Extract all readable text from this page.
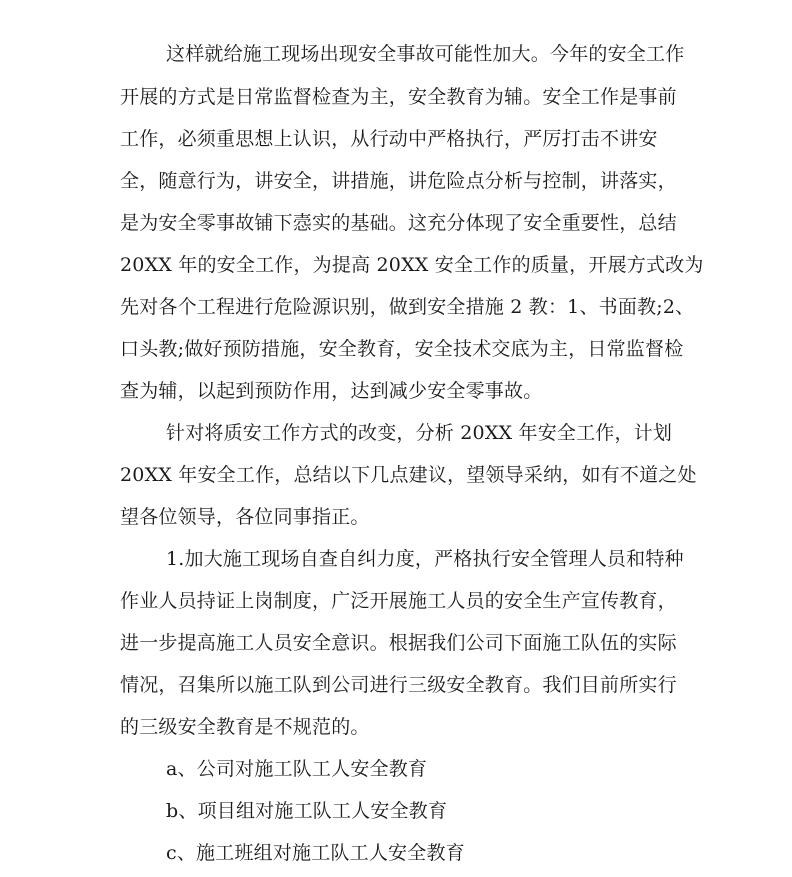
这样就给施工现场出现安全事故可能性加大。今年的安全工作
开展的方式是日常监督检查为主，安全教育为辅。安全工作是事前
工作，必须重思想上认识，从行动中严格执行，严厉打击不讲安
全，随意行为，讲安全，讲措施，讲危险点分析与控制，讲落实，
是为安全零事故铺下悫实的基础。这充分体现了安全重要性，总结
20XX 年的安全工作，为提高 20XX 安全工作的质量，开展方式改为
先对各个工程进行危险源识别，做到安全措施 2 教：1、书面教;2、
口头教;做好预防措施，安全教育，安全技术交底为主，日常监督检
查为辅，以起到预防作用，达到减少安全零事故。
针对将质安工作方式的改变，分析 20XX 年安全工作，计划
20XX 年安全工作，总结以下几点建议，望领导采纳，如有不道之处
望各位领导，各位同事指正。
1.加大施工现场自查自纠力度，严格执行安全管理人员和特种
作业人员持证上岗制度，广泛开展施工人员的安全生产宣传教育，
进一步提高施工人员安全意识。根据我们公司下面施工队伍的实际
情况，召集所以施工队到公司进行三级安全教育。我们目前所实行
的三级安全教育是不规范的。
a、公司对施工队工人安全教育
b、项目组对施工队工人安全教育
c、施工班组对施工队工人安全教育
